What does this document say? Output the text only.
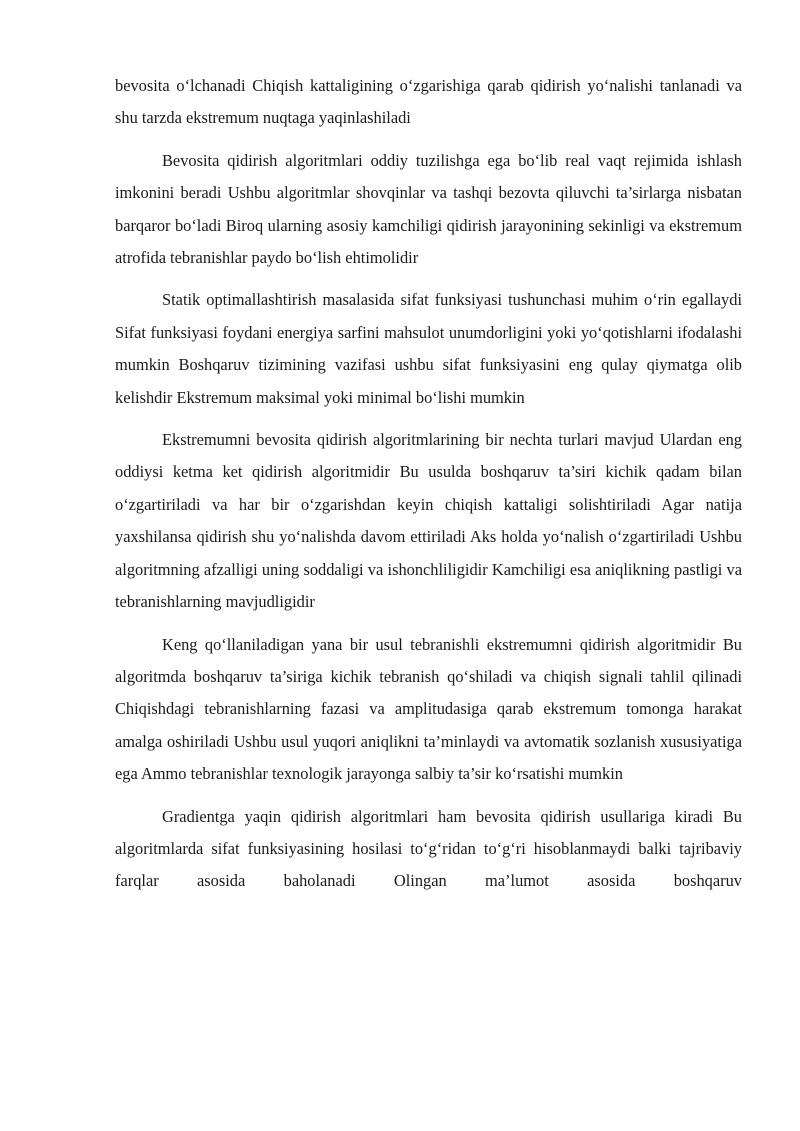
bevosita o‘lchanadi Chiqish kattaligining o‘zgarishiga qarab qidirish yo‘nalishi tanlanadi va shu tarzda ekstremum nuqtaga yaqinlashiladi

Bevosita qidirish algoritmlari oddiy tuzilishga ega bo‘lib real vaqt rejimida ishlash imkonini beradi Ushbu algoritmlar shovqinlar va tashqi bezovta qiluvchi ta’sirlarga nisbatan barqaror bo‘ladi Biroq ularning asosiy kamchiligi qidirish jarayonining sekinligi va ekstremum atrofida tebranishlar paydo bo‘lish ehtimolidir

Statik optimallashtirish masalasida sifat funksiyasi tushunchasi muhim o‘rin egallaydi Sifat funksiyasi foydani energiya sarfini mahsulot unumdorligini yoki yo‘qotishlarni ifodalashi mumkin Boshqaruv tizimining vazifasi ushbu sifat funksiyasini eng qulay qiymatga olib kelishdir Ekstremum maksimal yoki minimal bo‘lishi mumkin

Ekstremumni bevosita qidirish algoritmlarining bir nechta turlari mavjud Ulardan eng oddiysi ketma ket qidirish algoritmidir Bu usulda boshqaruv ta’siri kichik qadam bilan o‘zgartiriladi va har bir o‘zgarishdan keyin chiqish kattaligi solishtiriladi Agar natija yaxshilansa qidirish shu yo‘nalishda davom ettiriladi Aks holda yo‘nalish o‘zgartiriladi Ushbu algoritmning afzalligi uning soddaligi va ishonchliligidir Kamchiligi esa aniqlikning pastligi va tebranishlarning mavjudligidir

Keng qo‘llaniladigan yana bir usul tebranishli ekstremumni qidirish algoritmidir Bu algoritmda boshqaruv ta’siriga kichik tebranish qo‘shiladi va chiqish signali tahlil qilinadi Chiqishdagi tebranishlarning fazasi va amplitudasiga qarab ekstremum tomonga harakat amalga oshiriladi Ushbu usul yuqori aniqlikni ta’minlaydi va avtomatik sozlanish xususiyatiga ega Ammo tebranishlar texnologik jarayonga salbiy ta’sir ko‘rsatishi mumkin

Gradientga yaqin qidirish algoritmlari ham bevosita qidirish usullariga kiradi Bu algoritmlarda sifat funksiyasining hosilasi to‘g‘ridan to‘g‘ri hisoblanmaydi balki tajribaviy farqlar asosida baholanadi Olingan ma’lumot asosida boshqaruv
